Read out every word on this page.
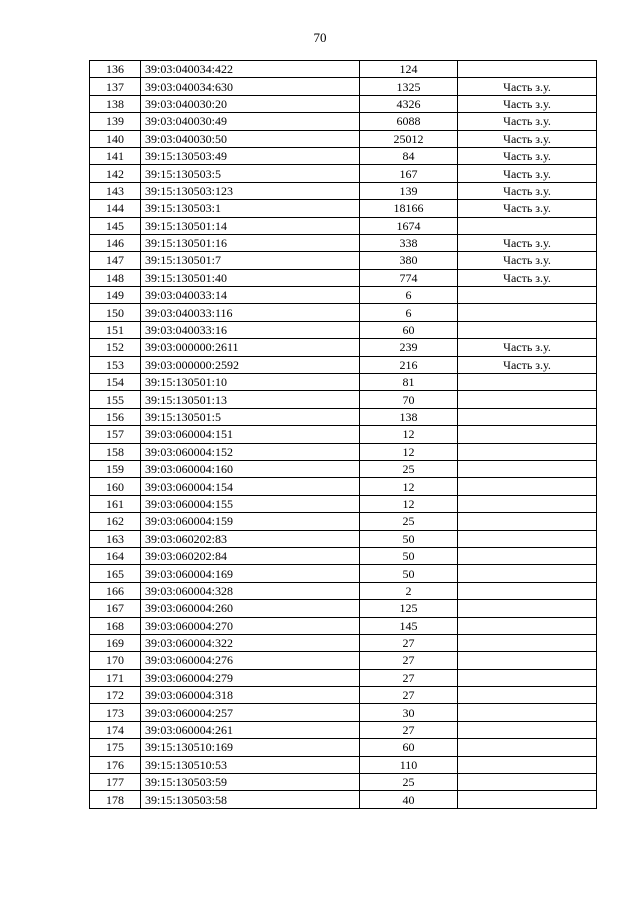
70
136	39:03:040034:422	124	
137	39:03:040034:630	1325	Часть з.у.
138	39:03:040030:20	4326	Часть з.у.
139	39:03:040030:49	6088	Часть з.у.
140	39:03:040030:50	25012	Часть з.у.
141	39:15:130503:49	84	Часть з.у.
142	39:15:130503:5	167	Часть з.у.
143	39:15:130503:123	139	Часть з.у.
144	39:15:130503:1	18166	Часть з.у.
145	39:15:130501:14	1674	
146	39:15:130501:16	338	Часть з.у.
147	39:15:130501:7	380	Часть з.у.
148	39:15:130501:40	774	Часть з.у.
149	39:03:040033:14	6	
150	39:03:040033:116	6	
151	39:03:040033:16	60	
152	39:03:000000:2611	239	Часть з.у.
153	39:03:000000:2592	216	Часть з.у.
154	39:15:130501:10	81	
155	39:15:130501:13	70	
156	39:15:130501:5	138	
157	39:03:060004:151	12	
158	39:03:060004:152	12	
159	39:03:060004:160	25	
160	39:03:060004:154	12	
161	39:03:060004:155	12	
162	39:03:060004:159	25	
163	39:03:060202:83	50	
164	39:03:060202:84	50	
165	39:03:060004:169	50	
166	39:03:060004:328	2	
167	39:03:060004:260	125	
168	39:03:060004:270	145	
169	39:03:060004:322	27	
170	39:03:060004:276	27	
171	39:03:060004:279	27	
172	39:03:060004:318	27	
173	39:03:060004:257	30	
174	39:03:060004:261	27	
175	39:15:130510:169	60	
176	39:15:130510:53	110	
177	39:15:130503:59	25	
178	39:15:130503:58	40	
